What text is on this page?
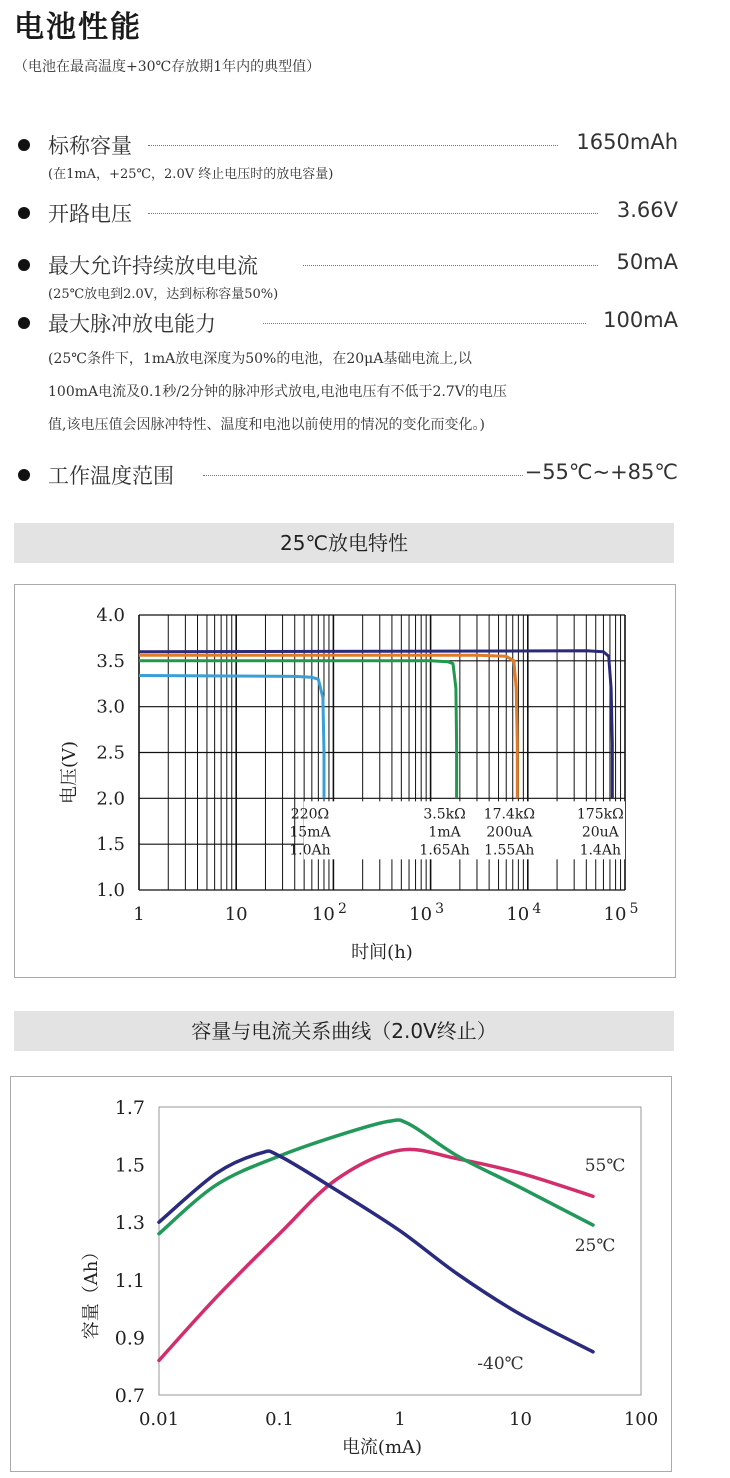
电池性能
（电池在最高温度+30℃存放期1年内的典型值）
标称容量	1650mAh
(在1mA，+25℃，2.0V 终止电压时的放电容量)
开路电压	3.66V
最大允许持续放电电流	50mA
(25℃放电到2.0V，达到标称容量50%)
最大脉冲放电能力	100mA
(25℃条件下，1mA放电深度为50%的电池，在20μA基础电流上,以
100mA电流及0.1秒/2分钟的脉冲形式放电,电池电压有不低于2.7V的电压
值,该电压值会因脉冲特性、温度和电池以前使用的情况的变化而变化。)
工作温度范围	−55℃~+85℃
25℃放电特性
1.0
1.5
2.0
2.5
3.0
3.5
4.0
220Ω
15mA
1.0Ah
3.5kΩ
1mA
1.65Ah
17.4kΩ
200uA
1.55Ah
175kΩ
20uA
1.4Ah
1	10	10 2	10 3	10 4	10 5
时间(h)
电压(V)
容量与电流关系曲线（2.0V终止）
0.7
0.9
1.1
1.3
1.5
1.7
0.01	0.1	1	10	100
55℃
25℃
-40℃
电流(mA)
容量（Ah）
